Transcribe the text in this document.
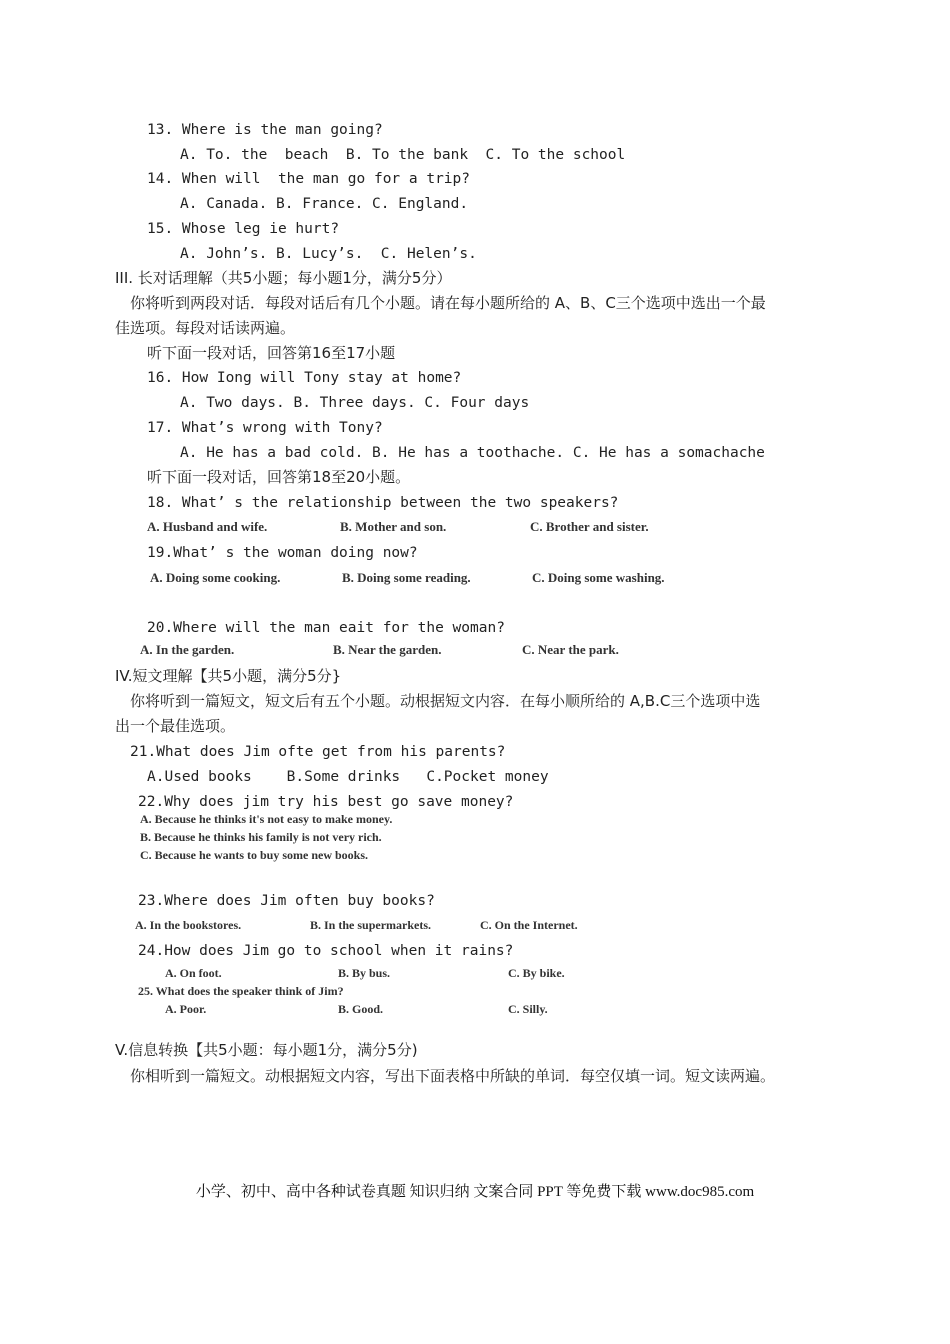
13. Where is the man going?
A. To. the  beach  B. To the bank  C. To the school
14. When will  the man go for a trip?
A. Canada. B. France. C. England.
15. Whose leg ie hurt?
A. John’s. B. Lucy’s.  C. Helen’s.
III. 长对话理解（共5小题；每小题1分，满分5分）
你将听到两段对话．每段对话后有几个小题。请在每小题所给的 A、B、C三个选项中选出一个最
佳选项。每段对话读两遍。
听下面一段对话，回答第16至17小题
16. How Iong will Tony stay at home?
A. Two days. B. Three days. C. Four days
17. What’s wrong with Tony?
A. He has a bad cold. B. He has a toothache. C. He has a somachache
听下面一段对话，回答第18至20小题。
18. What’ s the relationship between the two speakers?
A. Husband and wife.	B. Mother and son.	C. Brother and sister.
19.What’ s the woman doing now?
A. Doing some cooking.	B. Doing some reading.	C. Doing some washing.
20.Where will the man eait for the woman?
A. In the garden.	B. Near the garden.	C. Near the park.
IV.短文理解【共5小题，满分5分}
你将听到一篇短文，短文后有五个小题。动根据短文内容．在每小顺所给的 A,B.C三个选项中选
出一个最佳选项。
21.What does Jim ofte get from his parents?
A.Used books    B.Some drinks   C.Pocket money
22.Why does jim try his best go save money?
A. Because he thinks it's not easy to make money.
B. Because he thinks his family is not very rich.
C. Because he wants to buy some new books.
23.Where does Jim often buy books?
A. In the bookstores.	B. In the supermarkets.	C. On the Internet.
24.How does Jim go to school when it rains?
A. On foot.	B. By bus.	C. By bike.
25. What does the speaker think of Jim?
A. Poor.	B. Good.	C. Silly.
V.信息转换【共5小题：每小题1分，满分5分)
你相听到一篇短文。动根据短文内容，写出下面表格中所缺的单词．每空仅填一词。短文读两遍。
小学、初中、高中各种试卷真题 知识归纳 文案合同 PPT 等免费下载 www.doc985.com
